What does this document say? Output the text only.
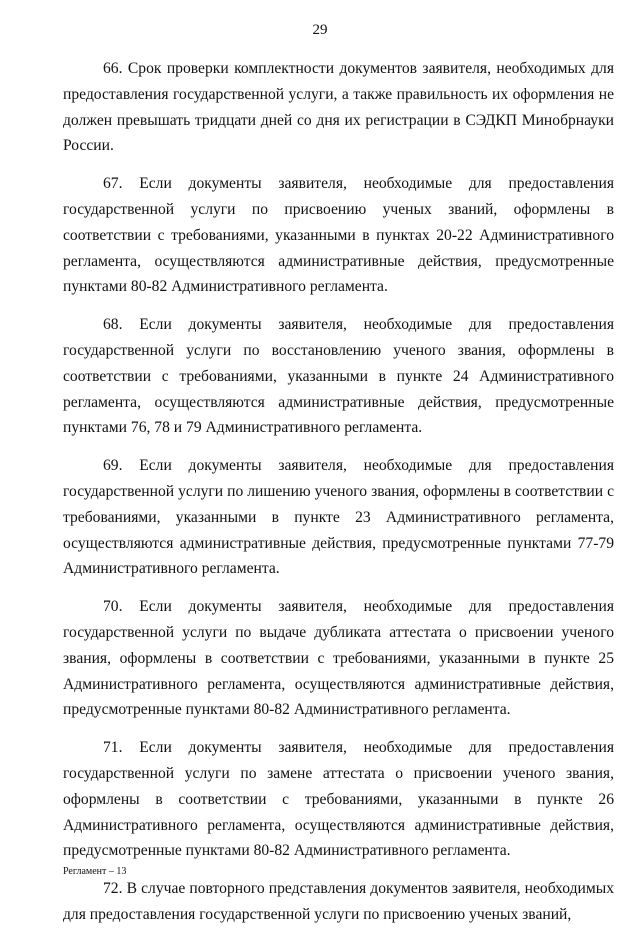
29

66. Срок проверки комплектности документов заявителя, необходимых для предоставления государственной услуги, а также правильность их оформления не должен превышать тридцати дней со дня их регистрации в СЭДКП Минобрнауки России.

67. Если документы заявителя, необходимые для предоставления государственной услуги по присвоению ученых званий, оформлены в соответствии с требованиями, указанными в пунктах 20-22 Административного регламента, осуществляются административные действия, предусмотренные пунктами 80-82 Административного регламента.

68. Если документы заявителя, необходимые для предоставления государственной услуги по восстановлению ученого звания, оформлены в соответствии с требованиями, указанными в пункте 24 Административного регламента, осуществляются административные действия, предусмотренные пунктами 76, 78 и 79 Административного регламента.

69. Если документы заявителя, необходимые для предоставления государственной услуги по лишению ученого звания, оформлены в соответствии с требованиями, указанными в пункте 23 Административного регламента, осуществляются административные действия, предусмотренные пунктами 77-79 Административного регламента.

70. Если документы заявителя, необходимые для предоставления государственной услуги по выдаче дубликата аттестата о присвоении ученого звания, оформлены в соответствии с требованиями, указанными в пункте 25 Административного регламента, осуществляются административные действия, предусмотренные пунктами 80-82 Административного регламента.

71. Если документы заявителя, необходимые для предоставления государственной услуги по замене аттестата о присвоении ученого звания, оформлены в соответствии с требованиями, указанными в пункте 26 Административного регламента, осуществляются административные действия, предусмотренные пунктами 80-82 Административного регламента.

72. В случае повторного представления документов заявителя, необходимых для предоставления государственной услуги по присвоению ученых званий,

Регламент – 13
